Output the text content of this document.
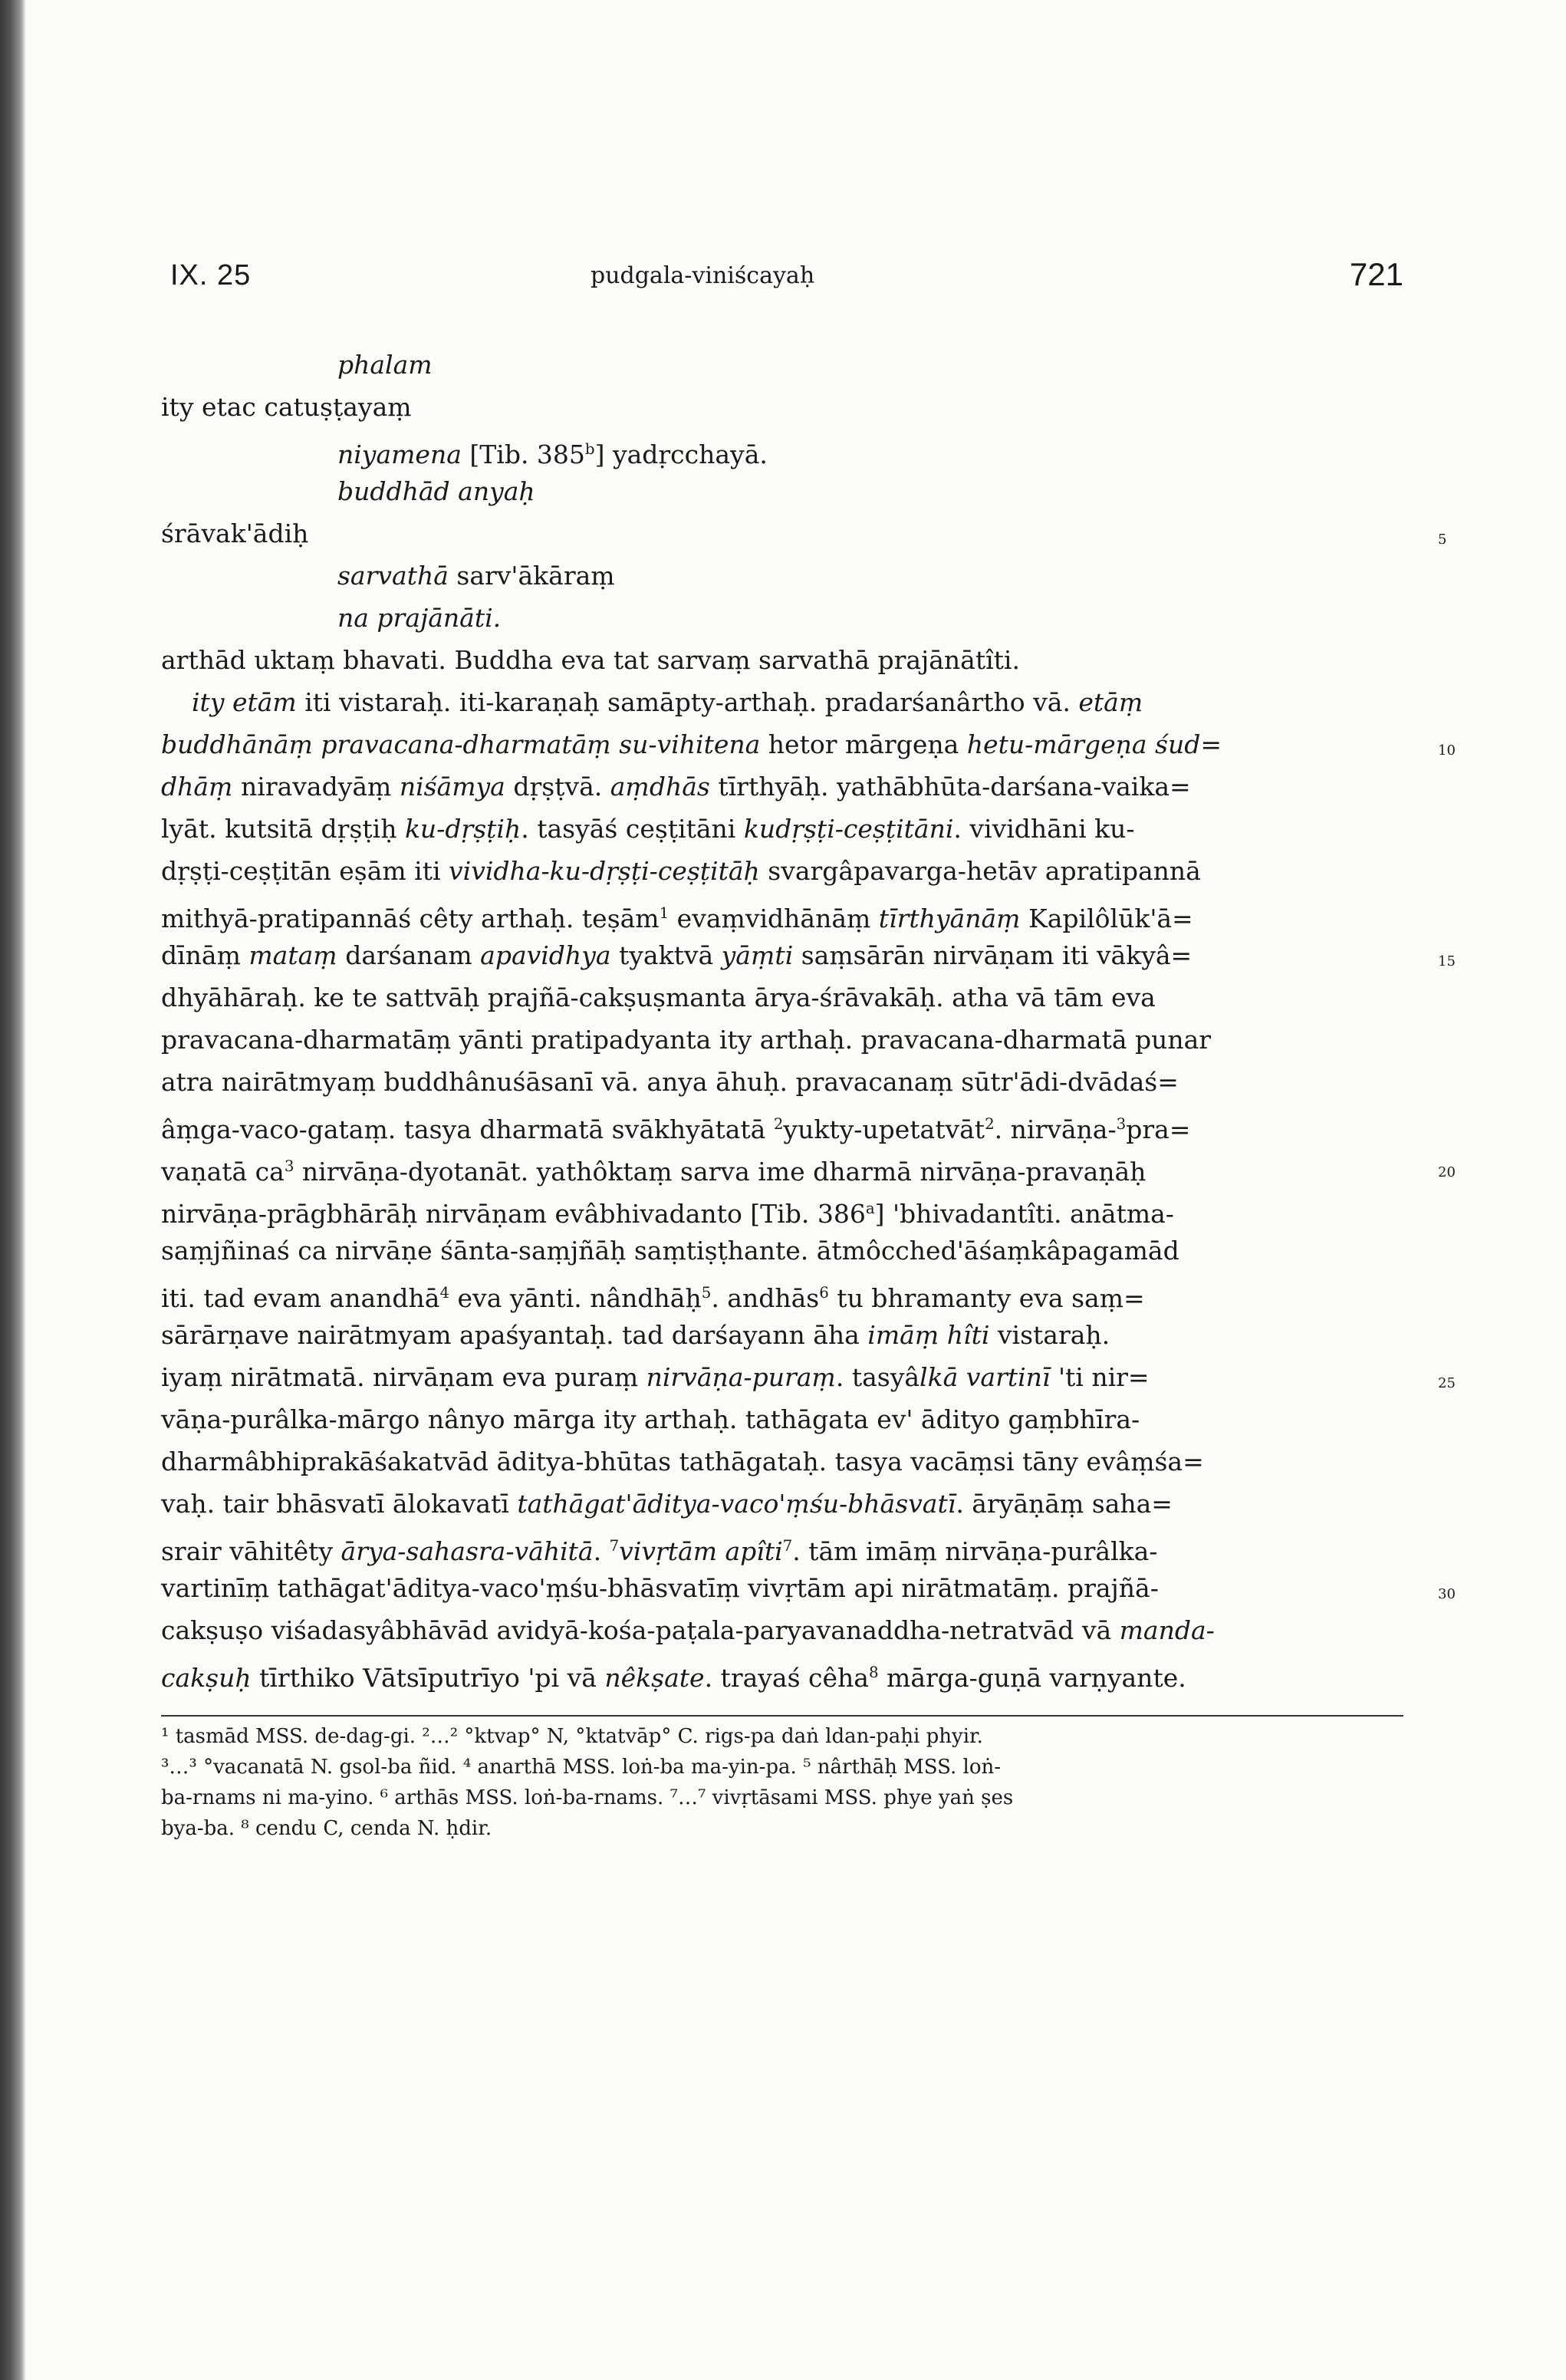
IX. 25	pudgala-viniścayaḥ	721
phalam
ity etac catuṣṭayaṃ
niyamena [Tib. 385$^b$] yadṛcchayā.
buddhād anyaḥ
śrāvak'ādiḥ	5
sarvathā sarv'ākāraṃ
na prajānāti.
arthād uktaṃ bhavati. Buddha eva tat sarvaṃ sarvathā prajānātîti.
ity etām iti vistaraḥ. iti-karaṇaḥ samāpty-arthaḥ. pradarśanârtho vā. etāṃ
buddhānāṃ pravacana-dharmatāṃ su-vihitena hetor mārgeṇa hetu-mārgeṇa śud=	10
dhāṃ niravadyāṃ niśāmya dṛṣṭvā. aṃdhās tīrthyāḥ. yathābhūta-darśana-vaika=
lyāt. kutsitā dṛṣṭiḥ ku-dṛṣṭiḥ. tasyāś ceṣṭitāni kudṛṣṭi-ceṣṭitāni. vividhāni ku-
dṛṣṭi-ceṣṭitān eṣām iti vividha-ku-dṛṣṭi-ceṣṭitāḥ svargâpavarga-hetāv apratipannā
mithyā-pratipannāś cêty arthaḥ. teṣām$^1$ evaṃvidhānāṃ tīrthyānāṃ Kapilôlūk'ā=
dīnāṃ mataṃ darśanam apavidhya tyaktvā yāṃti saṃsārān nirvāṇam iti vākyâ=	15
dhyāhāraḥ. ke te sattvāḥ prajñā-cakṣuṣmanta ārya-śrāvakāḥ. atha vā tām eva
pravacana-dharmatāṃ yānti pratipadyanta ity arthaḥ. pravacana-dharmatā punar
atra nairātmyaṃ buddhânuśāsanī vā. anya āhuḥ. pravacanaṃ sūtr'ādi-dvādaś=
âṃga-vaco-gataṃ. tasya dharmatā svākhyātatā $^2$yukty-upetatvāt$^2$. nirvāṇa-$^3$pra=
vaṇatā $ca^3$ nirvāṇa-dyotanāt. yathôktaṃ sarva ime dharmā nirvāṇa-pravaṇāḥ	20
nirvāṇa-prāgbhārāḥ nirvāṇam evâbhivadanto [Tib. 386$^a$] 'bhivadantîti. anātma-
saṃjñinaś ca nirvāṇe śānta-saṃjñāḥ saṃtiṣṭhante. ātmôcched'āśaṃkâpagamād
iti. tad evam anandhā$^4$ eva yānti. nândhāḥ$^5$. andhās$^6$ tu bhramanty eva saṃ=
sārārṇave nairātmyam apaśyantaḥ. tad darśayann āha imāṃ hîti vistaraḥ.
iyaṃ nirātmatā. nirvāṇam eva puraṃ nirvāṇa-puraṃ. tasyâlkā vartinī 'ti nir=	25
vāṇa-purâlka-mārgo nânyo mārga ity arthaḥ. tathāgata ev' ādityo gaṃbhīra-
dharmâbhiprakāśakatvād āditya-bhūtas tathāgataḥ. tasya vacāṃsi tāny evâṃśa=
vaḥ. tair bhāsvatī ālokavatī tathāgat'āditya-vaco'ṃśu-bhāsvatī. āryāṇāṃ saha=
srair vāhitêty ārya-sahasra-vāhitā. $^7$vivṛtām apîti$^7$. tām imāṃ nirvāṇa-purâlka-
vartinīṃ tathāgat'āditya-vaco'ṃśu-bhāsvatīṃ vivṛtām api nirātmatāṃ. prajñā-	30
cakṣuṣo viśadasyâbhāvād avidyā-kośa-paṭala-paryavanaddha-netratvād vā manda-
cakṣuḥ tīrthiko Vātsīputrīyo 'pi vā nêkṣate. trayaś cêha$^8$ mārga-guṇā varṇyante.
¹ tasmād MSS. de-dag-gi. ²…² °ktvap° N, °ktatvāp° C. rigs-pa daṅ ldan-paḥi phyir.
³…³ °vacanatā N. gsol-ba ñid. ⁴ anarthā MSS. loṅ-ba ma-yin-pa. ⁵ nârthāḥ MSS. loṅ-
ba-rnams ni ma-yino. ⁶ arthās MSS. loṅ-ba-rnams. ⁷…⁷ vivṛtāsami MSS. phye yaṅ ṣes
bya-ba. ⁸ cendu C, cenda N. ḥdir.
